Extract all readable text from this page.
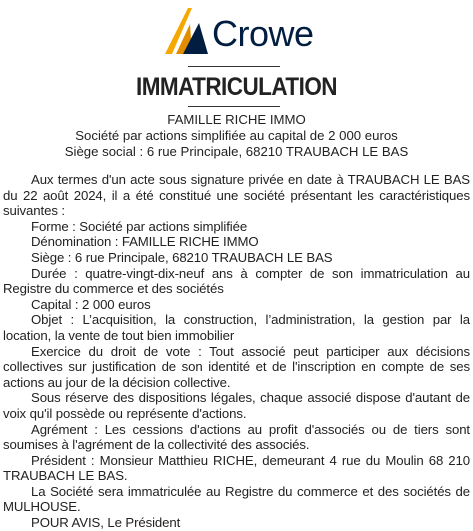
Crowe
IMMATRICULATION
FAMILLE RICHE IMMO
Société par actions simplifiée au capital de 2 000 euros
Siège social : 6 rue Principale, 68210 TRAUBACH LE BAS

Aux termes d'un acte sous signature privée en date à TRAUBACH LE BAS du 22 août 2024, il a été constitué une société présentant les caractéristiques suivantes :

Forme : Société par actions simplifiée

Dénomination : FAMILLE RICHE IMMO

Siège : 6 rue Principale, 68210 TRAUBACH LE BAS

Durée : quatre-vingt-dix-neuf ans à compter de son immatriculation au Registre du commerce et des sociétés

Capital : 2 000 euros

Objet : L’acquisition, la construction, l’administration, la gestion par la location, la vente de tout bien immobilier

Exercice du droit de vote : Tout associé peut participer aux décisions collectives sur justification de son identité et de l'inscription en compte de ses actions au jour de la décision collective.

Sous réserve des dispositions légales, chaque associé dispose d'autant de voix qu'il possède ou représente d'actions.

Agrément : Les cessions d'actions au profit d'associés ou de tiers sont soumises à l'agrément de la collectivité des associés.

Président : Monsieur Matthieu RICHE, demeurant 4 rue du Moulin 68 210 TRAUBACH LE BAS.

La Société sera immatriculée au Registre du commerce et des sociétés de MULHOUSE.

POUR AVIS, Le Président
